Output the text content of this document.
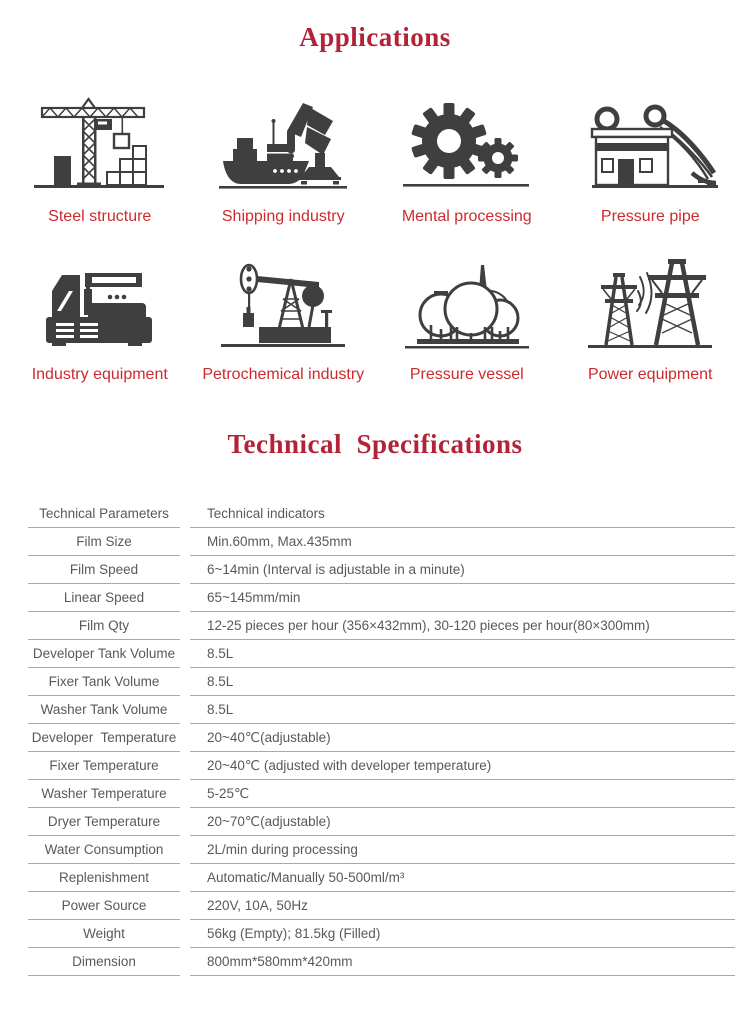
Applications
Steel structure	Shipping industry	Mental processing	Pressure pipe
Industry equipment Petrochemical industry	Pressure vessel	Power equipment
Technical  Specifications
Technical Parameters	Technical indicators
Film Size	Min.60mm, Max.435mm
Film Speed	6~14min (Interval is adjustable in a minute)
Linear Speed	65~145mm/min
Film Qty	12-25 pieces per hour (356×432mm), 30-120 pieces per hour(80×300mm)
Developer Tank Volume	8.5L
Fixer Tank Volume	8.5L
Washer Tank Volume	8.5L
Developer  Temperature	20~40℃(adjustable)
Fixer Temperature	20~40℃ (adjusted with developer temperature)
Washer Temperature	5-25℃
Dryer Temperature	20~70℃(adjustable)
Water Consumption	2L/min during processing
Replenishment	Automatic/Manually 50-500ml/m³
Power Source	220V, 10A, 50Hz
Weight	56kg (Empty); 81.5kg (Filled)
Dimension	800mm*580mm*420mm
